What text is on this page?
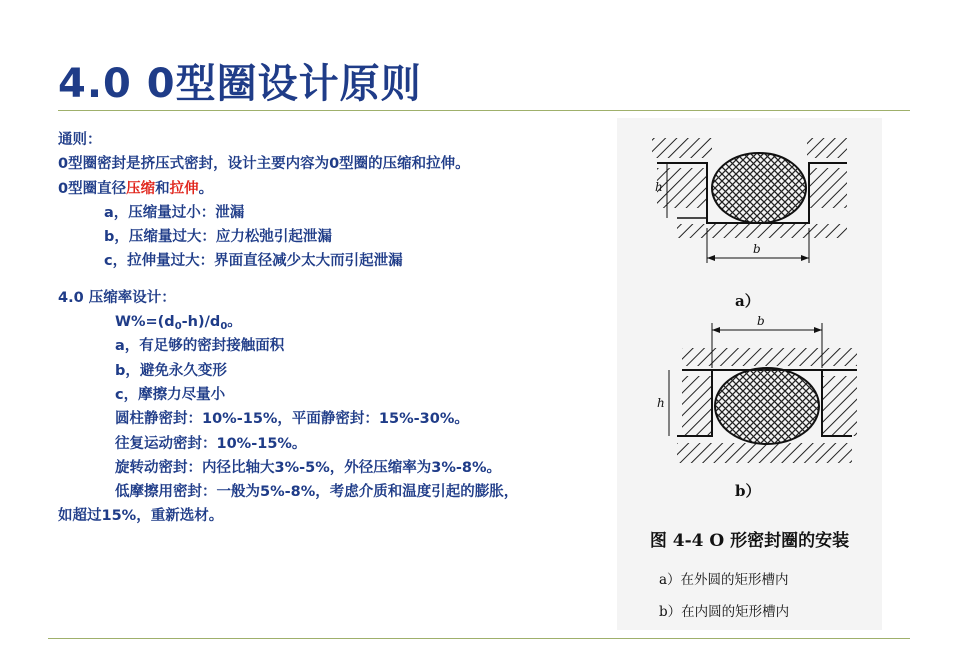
4.0 0型圈设计原则
通则：
0型圈密封是挤压式密封，设计主要内容为0型圈的压缩和拉伸。
0型圈直径压缩和拉伸。
a，压缩量过小：泄漏
b，压缩量过大：应力松弛引起泄漏
c，拉伸量过大：界面直径减少太大而引起泄漏
4.0 压缩率设计：
$W\%=(d_0-h)/d_0$。
a，有足够的密封接触面积
b，避免永久变形
c，摩擦力尽量小
圆柱静密封：10%-15%，平面静密封：15%-30%。
往复运动密封：10%-15%。
旋转动密封：内径比轴大3%-5%，外径压缩率为3%-8%。
低摩擦用密封：一般为5%-8%，考虑介质和温度引起的膨胀，
如超过15%，重新选材。
h
b
a）
b
h
b）
图 4-4 O 形密封圈的安装
a）在外圆的矩形槽内
b）在内圆的矩形槽内
